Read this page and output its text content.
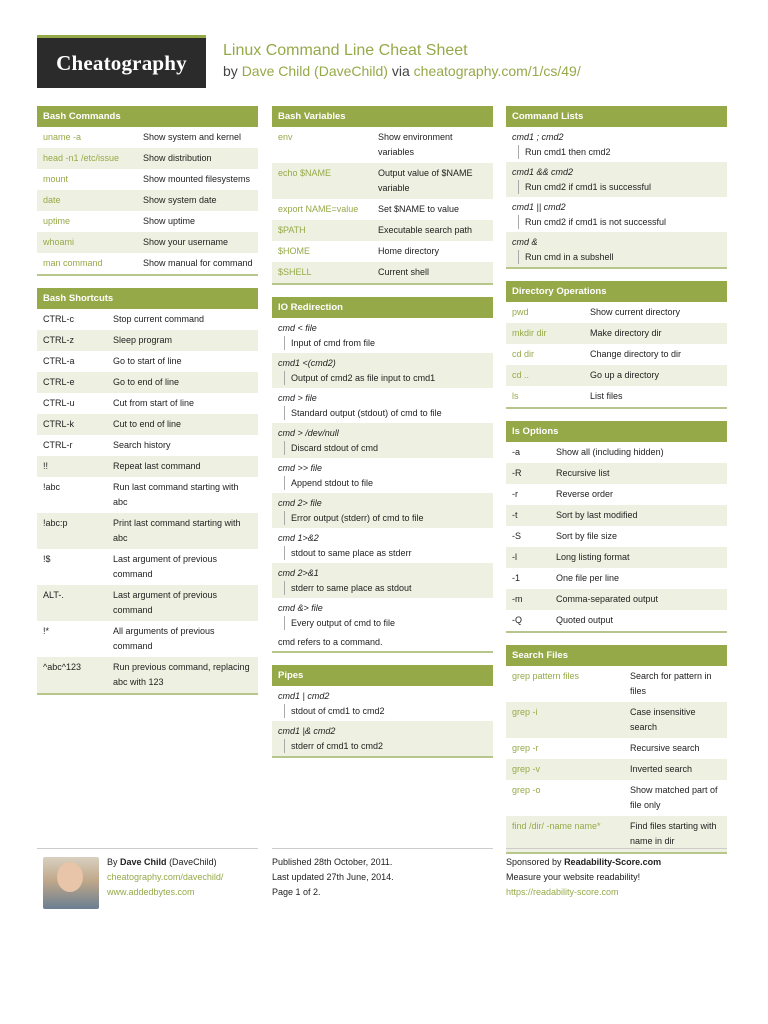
Cheatography	Linux Command Line Cheat Sheet
by Dave Child (DaveChild) via cheatography.com/1/cs/49/
Bash Commands
uname -a	Show system and kernel
head -n1 /etc/issue	Show distribution
mount	Show mounted filesystems
date	Show system date
uptime	Show uptime
whoami	Show your username
man command	Show manual for command
Bash Shortcuts
CTRL-c	Stop current command
CTRL-z	Sleep program
CTRL-a	Go to start of line
CTRL-e	Go to end of line
CTRL-u	Cut from start of line
CTRL-k	Cut to end of line
CTRL-r	Search history
!!	Repeat last command
!abc	Run last command starting with abc
!abc:p	Print last command starting with abc
!$	Last argument of previous command
ALT-.	Last argument of previous command
!*	All arguments of previous command
^abc^123	Run previous command, replacing abc with 123
Bash Variables
env	Show environment variables
echo $NAME	Output value of $NAME variable
export NAME=value	Set $NAME to value
$PATH	Executable search path
$HOME	Home directory
$SHELL	Current shell
IO Redirection
cmd < file
Input of cmd from file
cmd1 <(cmd2)
Output of cmd2 as file input to cmd1
cmd > file
Standard output (stdout) of cmd to file
cmd > /dev/null
Discard stdout of cmd
cmd >> file
Append stdout to file
cmd 2> file
Error output (stderr) of cmd to file
cmd 1>&2
stdout to same place as stderr
cmd 2>&1
stderr to same place as stdout
cmd &> file
Every output of cmd to file
cmd refers to a command.
Pipes
cmd1 | cmd2
stdout of cmd1 to cmd2
cmd1 |& cmd2
stderr of cmd1 to cmd2
Command Lists
cmd1 ; cmd2
Run cmd1 then cmd2
cmd1 && cmd2
Run cmd2 if cmd1 is successful
cmd1 || cmd2
Run cmd2 if cmd1 is not successful
cmd &
Run cmd in a subshell
Directory Operations
pwd	Show current directory
mkdir dir	Make directory dir
cd dir	Change directory to dir
cd ..	Go up a directory
ls	List files
ls Options
-a	Show all (including hidden)
-R	Recursive list
-r	Reverse order
-t	Sort by last modified
-S	Sort by file size
-l	Long listing format
-1	One file per line
-m	Comma-separated output
-Q	Quoted output
Search Files
grep pattern files	Search for pattern in files
grep -i	Case insensitive search
grep -r	Recursive search
grep -v	Inverted search
grep -o	Show matched part of file only
find /dir/ -name name*	Find files starting with name in dir
By Dave Child (DaveChild)
cheatography.com/davechild/
www.addedbytes.com
Published 28th October, 2011.
Last updated 27th June, 2014.
Page 1 of 2.
Sponsored by Readability-Score.com
Measure your website readability!
https://readability-score.com
